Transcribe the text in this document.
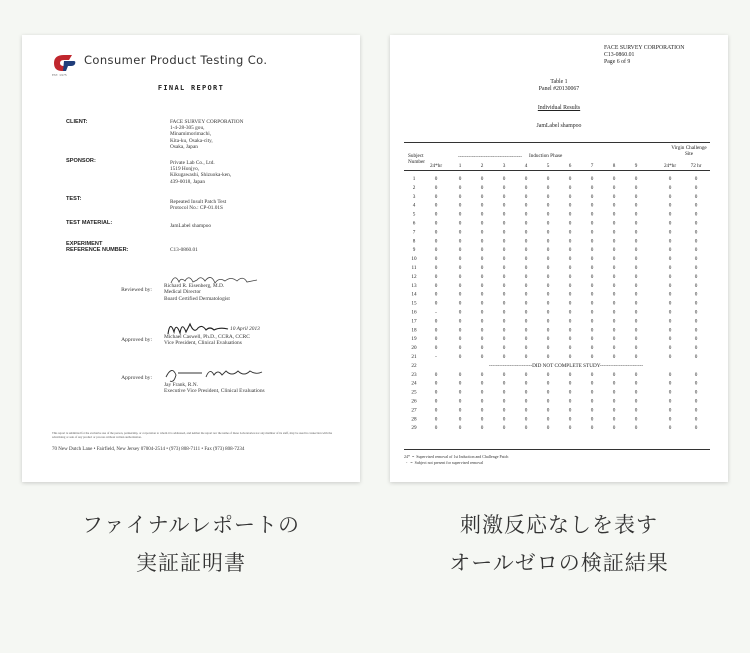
EST. 1975
Consumer Product Testing Co.
FINAL REPORT
CLIENT:	FACE SURVEY CORPORATION
1-4-28-305 gou,
Minamimorimachi,
Kita-ku, Osaka-city,
Osaka, Japan
SPONSOR:	Private Lab Co., Ltd.
1519 Honjyo,
Kikugawashi, Shizuoka-ken,
439-0018, Japan
TEST:	Repeated Insult Patch Test
Protocol No.: CP-01.01S
TEST MATERIAL:	JamLabel shampoo
EXPERIMENT
REFERENCE NUMBER:	C13-0860.01
Reviewed by:
Richard R. Eisenberg, M.D.
Medical Director
Board Certified Dermatologist
10 April 2013
Approved by: Michael Caswell, Ph.D., CCRA, CCRC
Vice President, Clinical Evaluations
Approved by:
Jay Frank, R.N.
Executive Vice President, Clinical Evaluations
This report is submitted for the exclusive use of the person, partnership, or corporation to whom it is addressed, and neither the report nor the name of these Laboratories nor any member of its staff, may be used in connection with the advertising or sale of any product or process without written authorization.
70 New Dutch Lane • Fairfield, New Jersey 07004-2514 • (973) 808-7111 • Fax (973) 808-7234
FACE SURVEY CORPORATION
C13-0860.01
Page 6 of 9
Table 1
Panel #20130067
Individual Results
JamLabel shampoo
Subject
Number
------------------------------------- Induction Phase
Virgin Challenge
Site
24*hr	1	2	3	4	5	6	7	8	9	24*hr	72 hr
1	0	0	0	0	0	0	0	0	0	0	0	0
2	0	0	0	0	0	0	0	0	0	0	0	0
3	0	0	0	0	0	0	0	0	0	0	0	0
4	0	0	0	0	0	0	0	0	0	0	0	0
5	0	0	0	0	0	0	0	0	0	0	0	0
6	0	0	0	0	0	0	0	0	0	0	0	0
7	0	0	0	0	0	0	0	0	0	0	0	0
8	0	0	0	0	0	0	0	0	0	0	0	0
9	0	0	0	0	0	0	0	0	0	0	0	0
10	0	0	0	0	0	0	0	0	0	0	0	0
11	0	0	0	0	0	0	0	0	0	0	0	0
12	0	0	0	0	0	0	0	0	0	0	0	0
13	0	0	0	0	0	0	0	0	0	0	0	0
14	0	0	0	0	0	0	0	0	0	0	0	0
15	0	0	0	0	0	0	0	0	0	0	0	0
16	-	0	0	0	0	0	0	0	0	0	0	0
17	0	0	0	0	0	0	0	0	0	0	0	0
18	0	0	0	0	0	0	0	0	0	0	0	0
19	0	0	0	0	0	0	0	0	0	0	0	0
20	0	0	0	0	0	0	0	0	0	0	0	0
21	-	0	0	0	0	0	0	0	0	0	0	0
22	-------------------------DID NOT COMPLETE STUDY-------------------------
23	0	0	0	0	0	0	0	0	0	0	0	0
24	0	0	0	0	0	0	0	0	0	0	0	0
25	0	0	0	0	0	0	0	0	0	0	0	0
26	0	0	0	0	0	0	0	0	0	0	0	0
27	0	0	0	0	0	0	0	0	0	0	0	0
28	0	0	0	0	0	0	0	0	0	0	0	0
29	0	0	0	0	0	0	0	0	0	0	0	0
24*  =  Supervised removal of 1st Induction and Challenge Patch
-   =  Subject not present for supervised removal
ファイナルレポートの
実証証明書
刺激反応なしを表す
オールゼロの検証結果
